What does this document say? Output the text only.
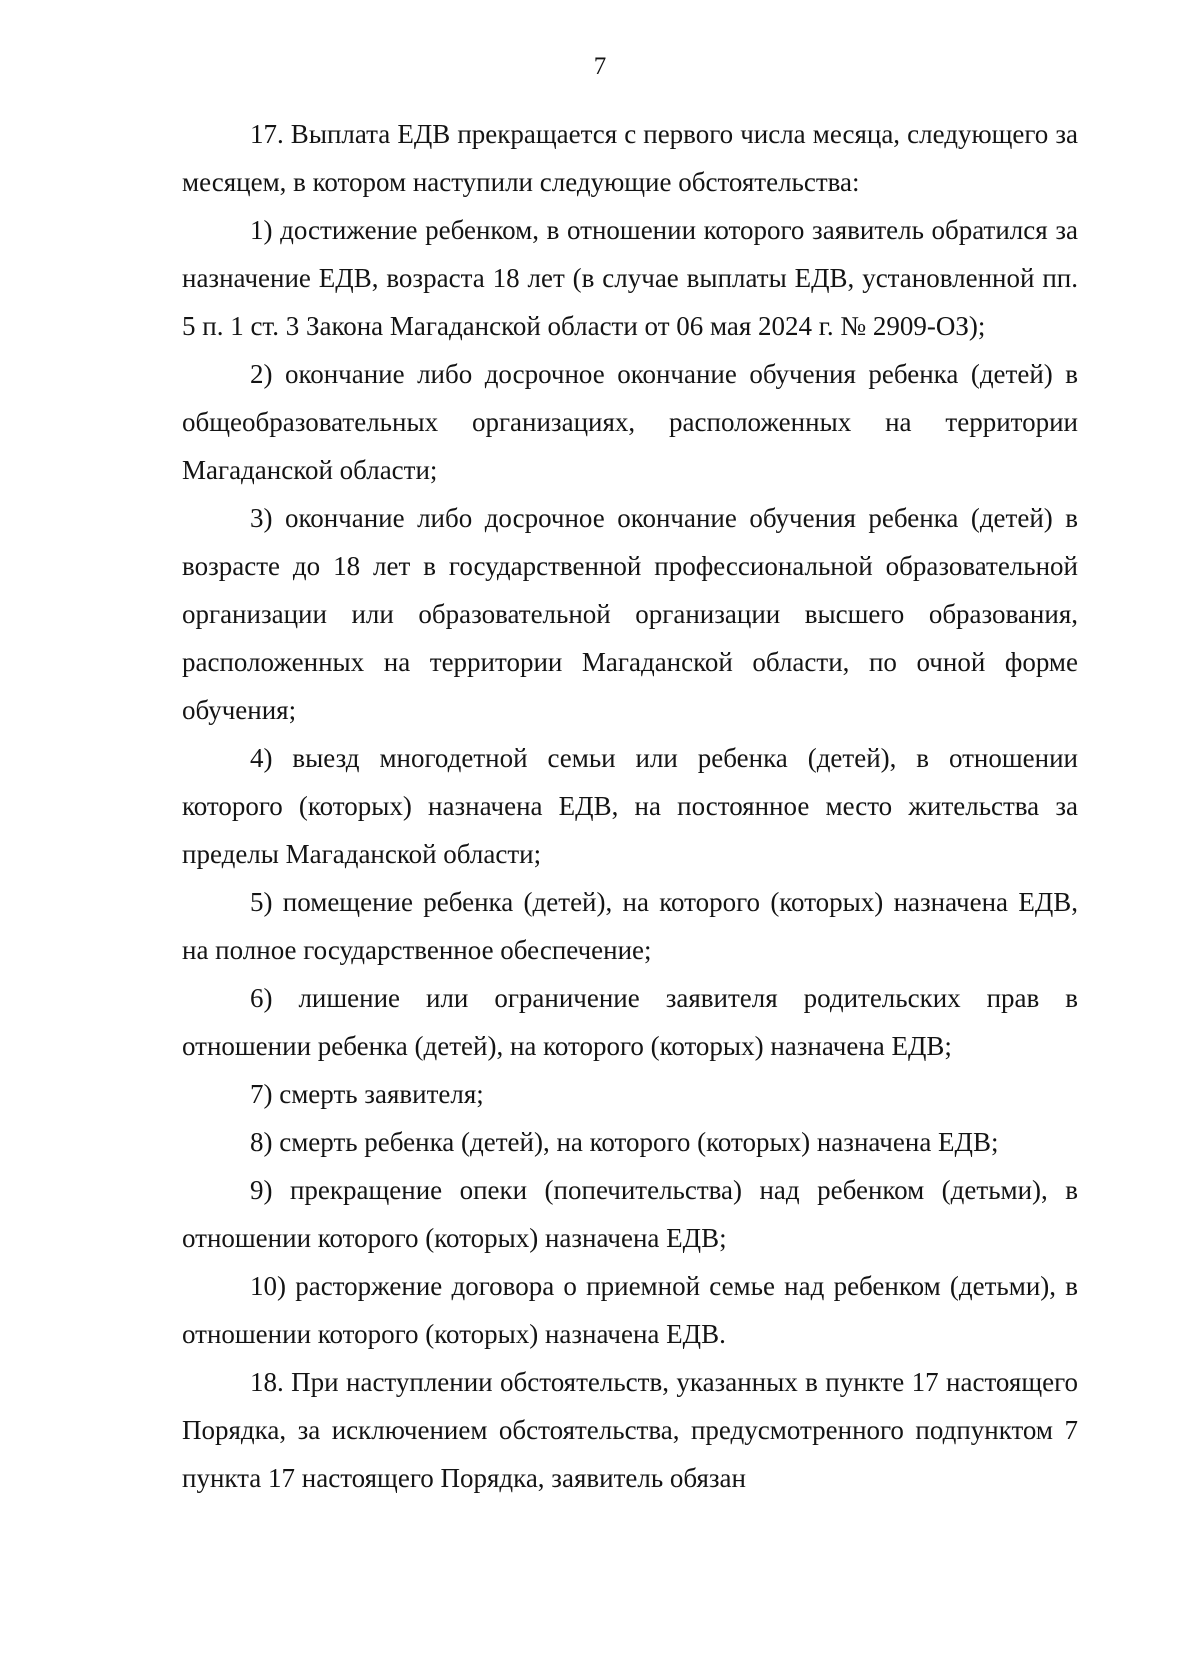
7

17. Выплата ЕДВ прекращается с первого числа месяца, следующего за месяцем, в котором наступили следующие обстоятельства:

1) достижение ребенком, в отношении которого заявитель обратился за назначение ЕДВ, возраста 18 лет (в случае выплаты ЕДВ, установленной пп. 5 п. 1 ст. 3 Закона Магаданской области от 06 мая 2024 г. № 2909-ОЗ);

2) окончание либо досрочное окончание обучения ребенка (детей) в общеобразовательных организациях, расположенных на территории Магаданской области;

3) окончание либо досрочное окончание обучения ребенка (детей) в возрасте до 18 лет в государственной профессиональной образовательной организации или образовательной организации высшего образования, расположенных на территории Магаданской области, по очной форме обучения;

4) выезд многодетной семьи или ребенка (детей), в отношении которого (которых) назначена ЕДВ, на постоянное место жительства за пределы Магаданской области;

5) помещение ребенка (детей), на которого (которых) назначена ЕДВ, на полное государственное обеспечение;

6) лишение или ограничение заявителя родительских прав в отношении ребенка (детей), на которого (которых) назначена ЕДВ;

7) смерть заявителя;

8) смерть ребенка (детей), на которого (которых) назначена ЕДВ;

9) прекращение опеки (попечительства) над ребенком (детьми), в отношении которого (которых) назначена ЕДВ;

10) расторжение договора о приемной семье над ребенком (детьми), в отношении которого (которых) назначена ЕДВ.

18. При наступлении обстоятельств, указанных в пункте 17 настоящего Порядка, за исключением обстоятельства, предусмотренного подпунктом 7 пункта 17 настоящего Порядка, заявитель обязан
